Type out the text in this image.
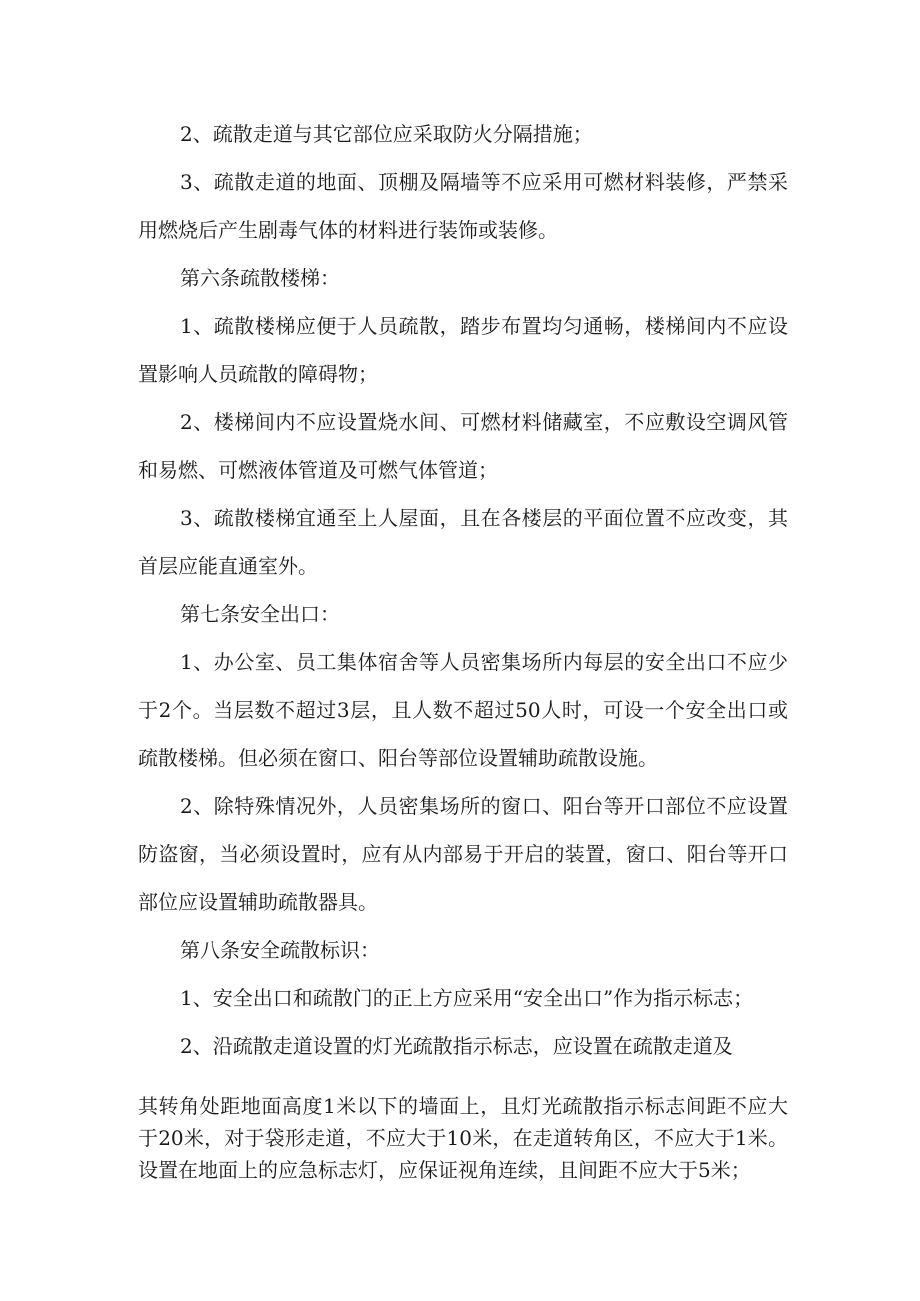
2、疏散走道与其它部位应采取防火分隔措施；

3、疏散走道的地面、顶棚及隔墙等不应采用可燃材料装修，严禁采用燃烧后产生剧毒气体的材料进行装饰或装修。

第六条疏散楼梯：

1、疏散楼梯应便于人员疏散，踏步布置均匀通畅，楼梯间内不应设置影响人员疏散的障碍物；

2、楼梯间内不应设置烧水间、可燃材料储藏室，不应敷设空调风管和易燃、可燃液体管道及可燃气体管道；

3、疏散楼梯宜通至上人屋面，且在各楼层的平面位置不应改变，其首层应能直通室外。

第七条安全出口：

1、办公室、员工集体宿舍等人员密集场所内每层的安全出口不应少于2个。当层数不超过3层，且人数不超过50人时，可设一个安全出口或疏散楼梯。但必须在窗口、阳台等部位设置辅助疏散设施。

2、除特殊情况外，人员密集场所的窗口、阳台等开口部位不应设置防盗窗，当必须设置时，应有从内部易于开启的装置，窗口、阳台等开口部位应设置辅助疏散器具。

第八条安全疏散标识：

1、安全出口和疏散门的正上方应采用“安全出口”作为指示标志；

2、沿疏散走道设置的灯光疏散指示标志，应设置在疏散走道及

其转角处距地面高度1米以下的墙面上，且灯光疏散指示标志间距不应大于20米，对于袋形走道，不应大于10米，在走道转角区，不应大于1米。设置在地面上的应急标志灯，应保证视角连续，且间距不应大于5米；
